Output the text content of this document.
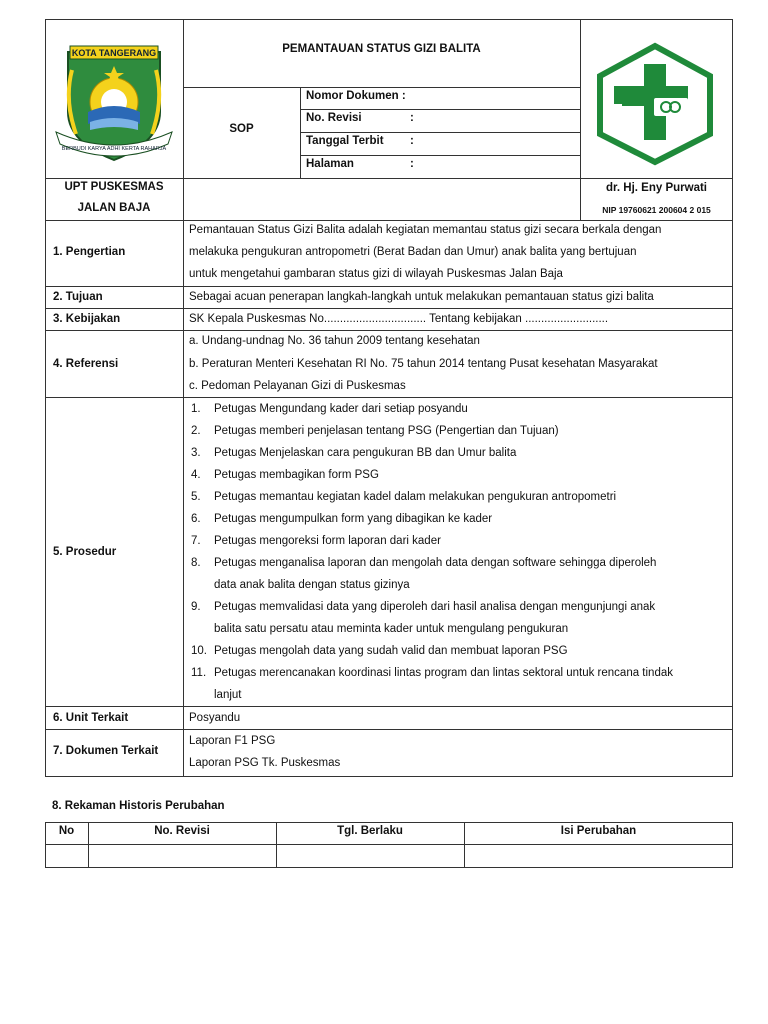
KOTA TANGERANG
BERBUDI KARYA ADHI KERTA RAHARJA
PEMANTAUAN STATUS GIZI BALITA
SOP
Nomor Dokumen :
No. Revisi	:
Tanggal Terbit :
Halaman	:
UPT PUSKESMAS
JALAN BAJA
dr. Hj. Eny Purwati
NIP 19760621 200604 2 015
1. Pengertian
Pemantauan Status Gizi Balita adalah kegiatan memantau status gizi secara berkala dengan
melakuka pengukuran antropometri (Berat Badan dan Umur) anak balita yang bertujuan
untuk mengetahui gambaran status gizi di wilayah Puskesmas Jalan Baja
2. Tujuan	Sebagai acuan penerapan langkah-langkah untuk melakukan pemantauan status gizi balita
3. Kebijakan	SK Kepala Puskesmas No................................ Tentang kebijakan ..........................
4. Referensi
a. Undang-undnag No. 36 tahun 2009 tentang kesehatan
b. Peraturan Menteri Kesehatan RI No. 75 tahun 2014 tentang Pusat kesehatan Masyarakat
c. Pedoman Pelayanan Gizi di Puskesmas
5. Prosedur
1. Petugas Mengundang kader dari setiap posyandu
2. Petugas memberi penjelasan tentang PSG (Pengertian dan Tujuan)
3. Petugas Menjelaskan cara pengukuran BB dan Umur balita
4. Petugas membagikan form PSG
5. Petugas memantau kegiatan kadel dalam melakukan pengukuran antropometri
6. Petugas mengumpulkan form yang dibagikan ke kader
7. Petugas mengoreksi form laporan dari kader
8. Petugas menganalisa laporan dan mengolah data dengan software sehingga diperoleh
data anak balita dengan status gizinya
9. Petugas memvalidasi data yang diperoleh dari hasil analisa dengan mengunjungi anak
balita satu persatu atau meminta kader untuk mengulang pengukuran
10. Petugas mengolah data yang sudah valid dan membuat laporan PSG
11. Petugas merencanakan koordinasi lintas program dan lintas sektoral untuk rencana tindak
lanjut
6. Unit Terkait	Posyandu
7. Dokumen Terkait
Laporan F1 PSG
Laporan PSG Tk. Puskesmas
8. Rekaman Historis Perubahan
No	No. Revisi	Tgl. Berlaku	Isi Perubahan
